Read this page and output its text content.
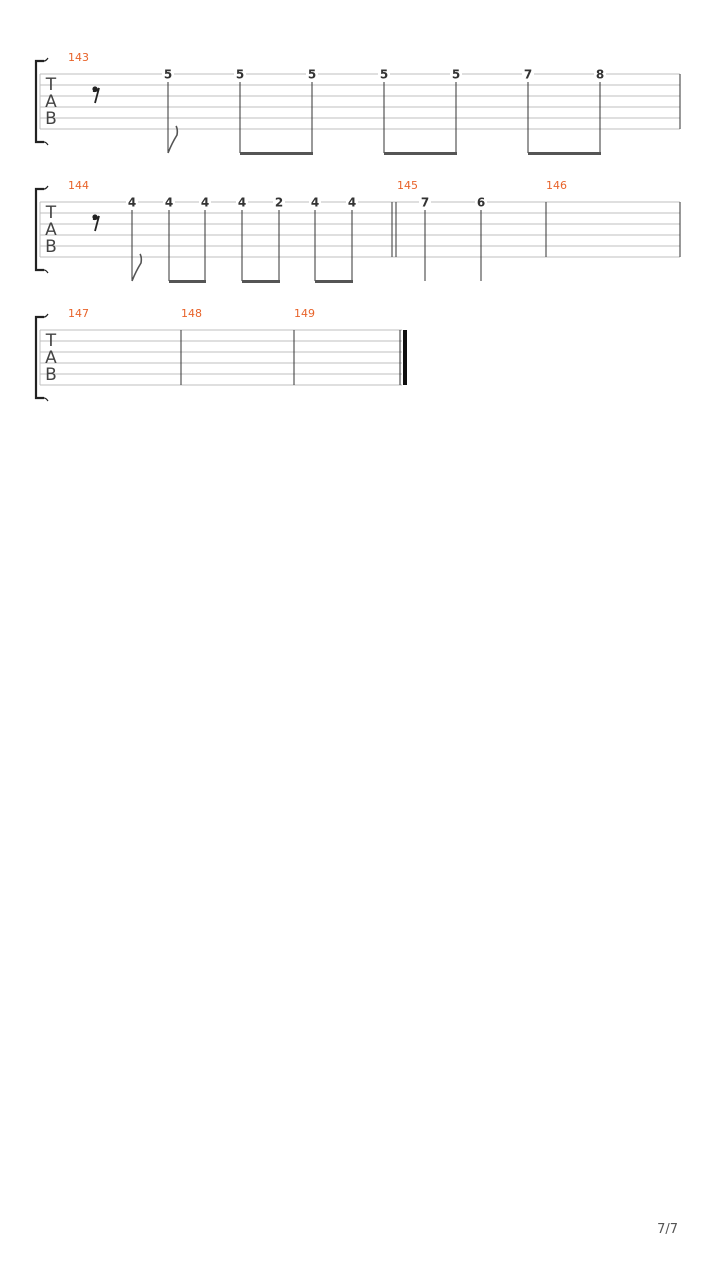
T
A
B
143
5	5	5	5	5	7	8
T
A
B
144
4 4 4 4 2 4 4
145
7	6
146
T
A
B
147	148	149
7/7
